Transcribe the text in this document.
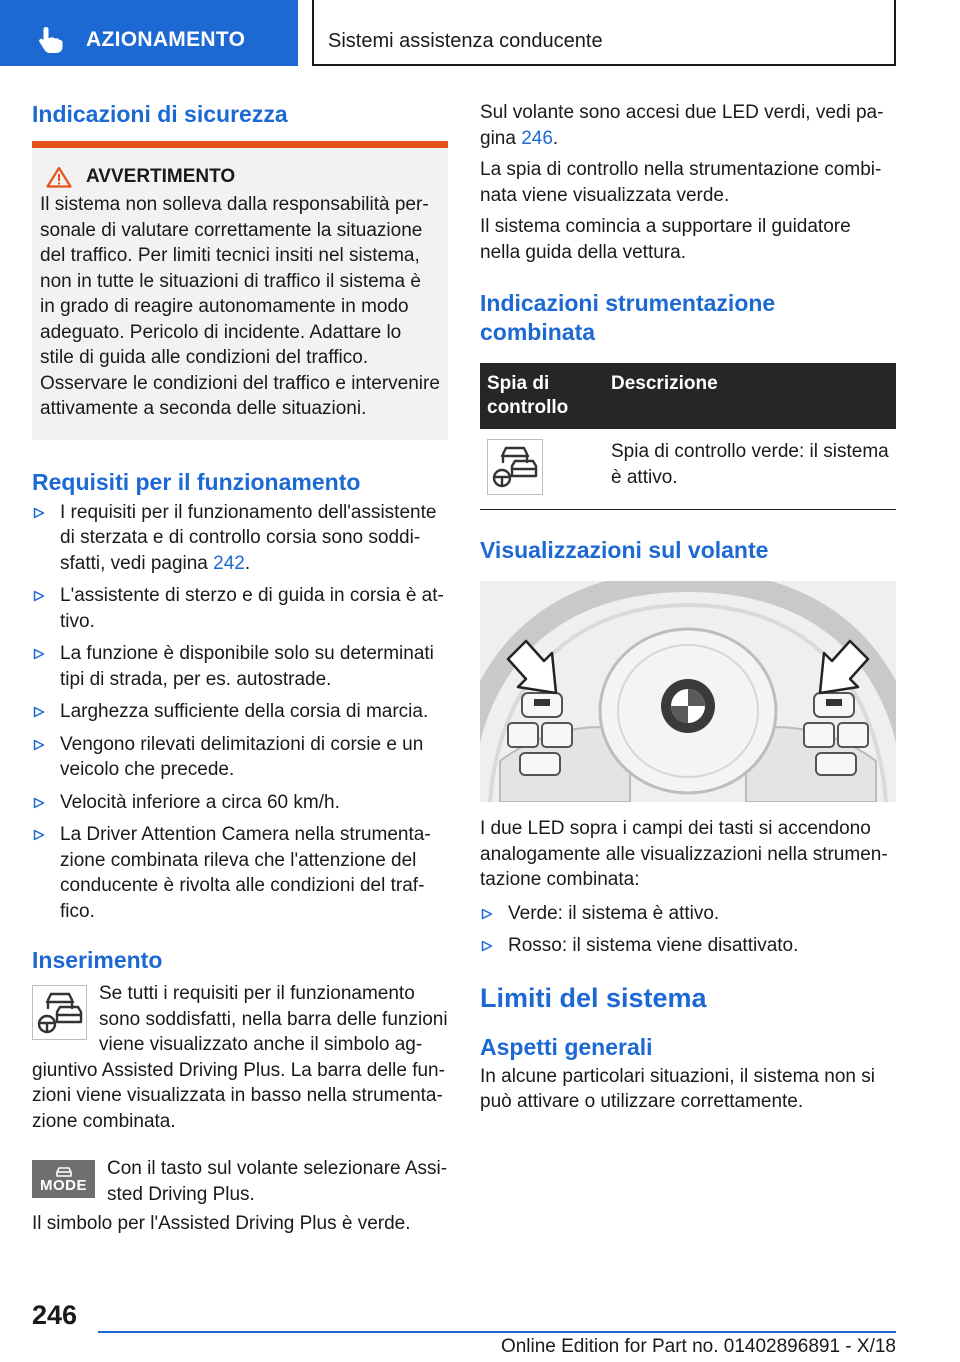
AZIONAMENTO	Sistemi assistenza conducente
Indicazioni di sicurezza
AVVERTIMENTO

Il sistema non solleva dalla responsabilità personale di valutare correttamente la situazione del traffico. Per limiti tecnici insiti nel sistema, non in tutte le situazioni di traffico il sistema è in grado di reagire autonomamente in modo adeguato. Pericolo di incidente. Adattare lo stile di guida alle condizioni del traffico. Osservare le condizioni del traffico e intervenire attivamente a seconda delle situazioni.

Requisiti per il funzionamento
I requisiti per il funzionamento dell'assistente di sterzata e di controllo corsia sono soddisfatti, vedi pagina 242.
L'assistente di sterzo e di guida in corsia è attivo.
La funzione è disponibile solo su determinati tipi di strada, per es. autostrade.
Larghezza sufficiente della corsia di marcia.
Vengono rilevati delimitazioni di corsie e un veicolo che precede.
Velocità inferiore a circa 60 km/h.
La Driver Attention Camera nella strumentazione combinata rileva che l'attenzione del conducente è rivolta alle condizioni del traffico.
Inserimento

Se tutti i requisiti per il funzionamento sono soddisfatti, nella barra delle funzioni viene visualizzato anche il simbolo aggiuntivo Assisted Driving Plus. La barra delle funzioni viene visualizzata in basso nella strumentazione combinata.

MODE

Con il tasto sul volante selezionare Assisted Driving Plus.

Il simbolo per l'Assisted Driving Plus è verde.

Sul volante sono accesi due LED verdi, vedi pagina 246.

La spia di controllo nella strumentazione combinata viene visualizzata verde.

Il sistema comincia a supportare il guidatore nella guida della vettura.

Indicazioni strumentazione combinata
Spia di controllo	Descrizione

	Spia di controllo verde: il sistema è attivo.
Visualizzazioni sul volante

I due LED sopra i campi dei tasti si accendono analogamente alle visualizzazioni nella strumentazione combinata:

Verde: il sistema è attivo.
Rosso: il sistema viene disattivato.
Limiti del sistema
Aspetti generali

In alcune particolari situazioni, il sistema non si può attivare o utilizzare correttamente.

246
Online Edition for Part no. 01402896891 - X/18
